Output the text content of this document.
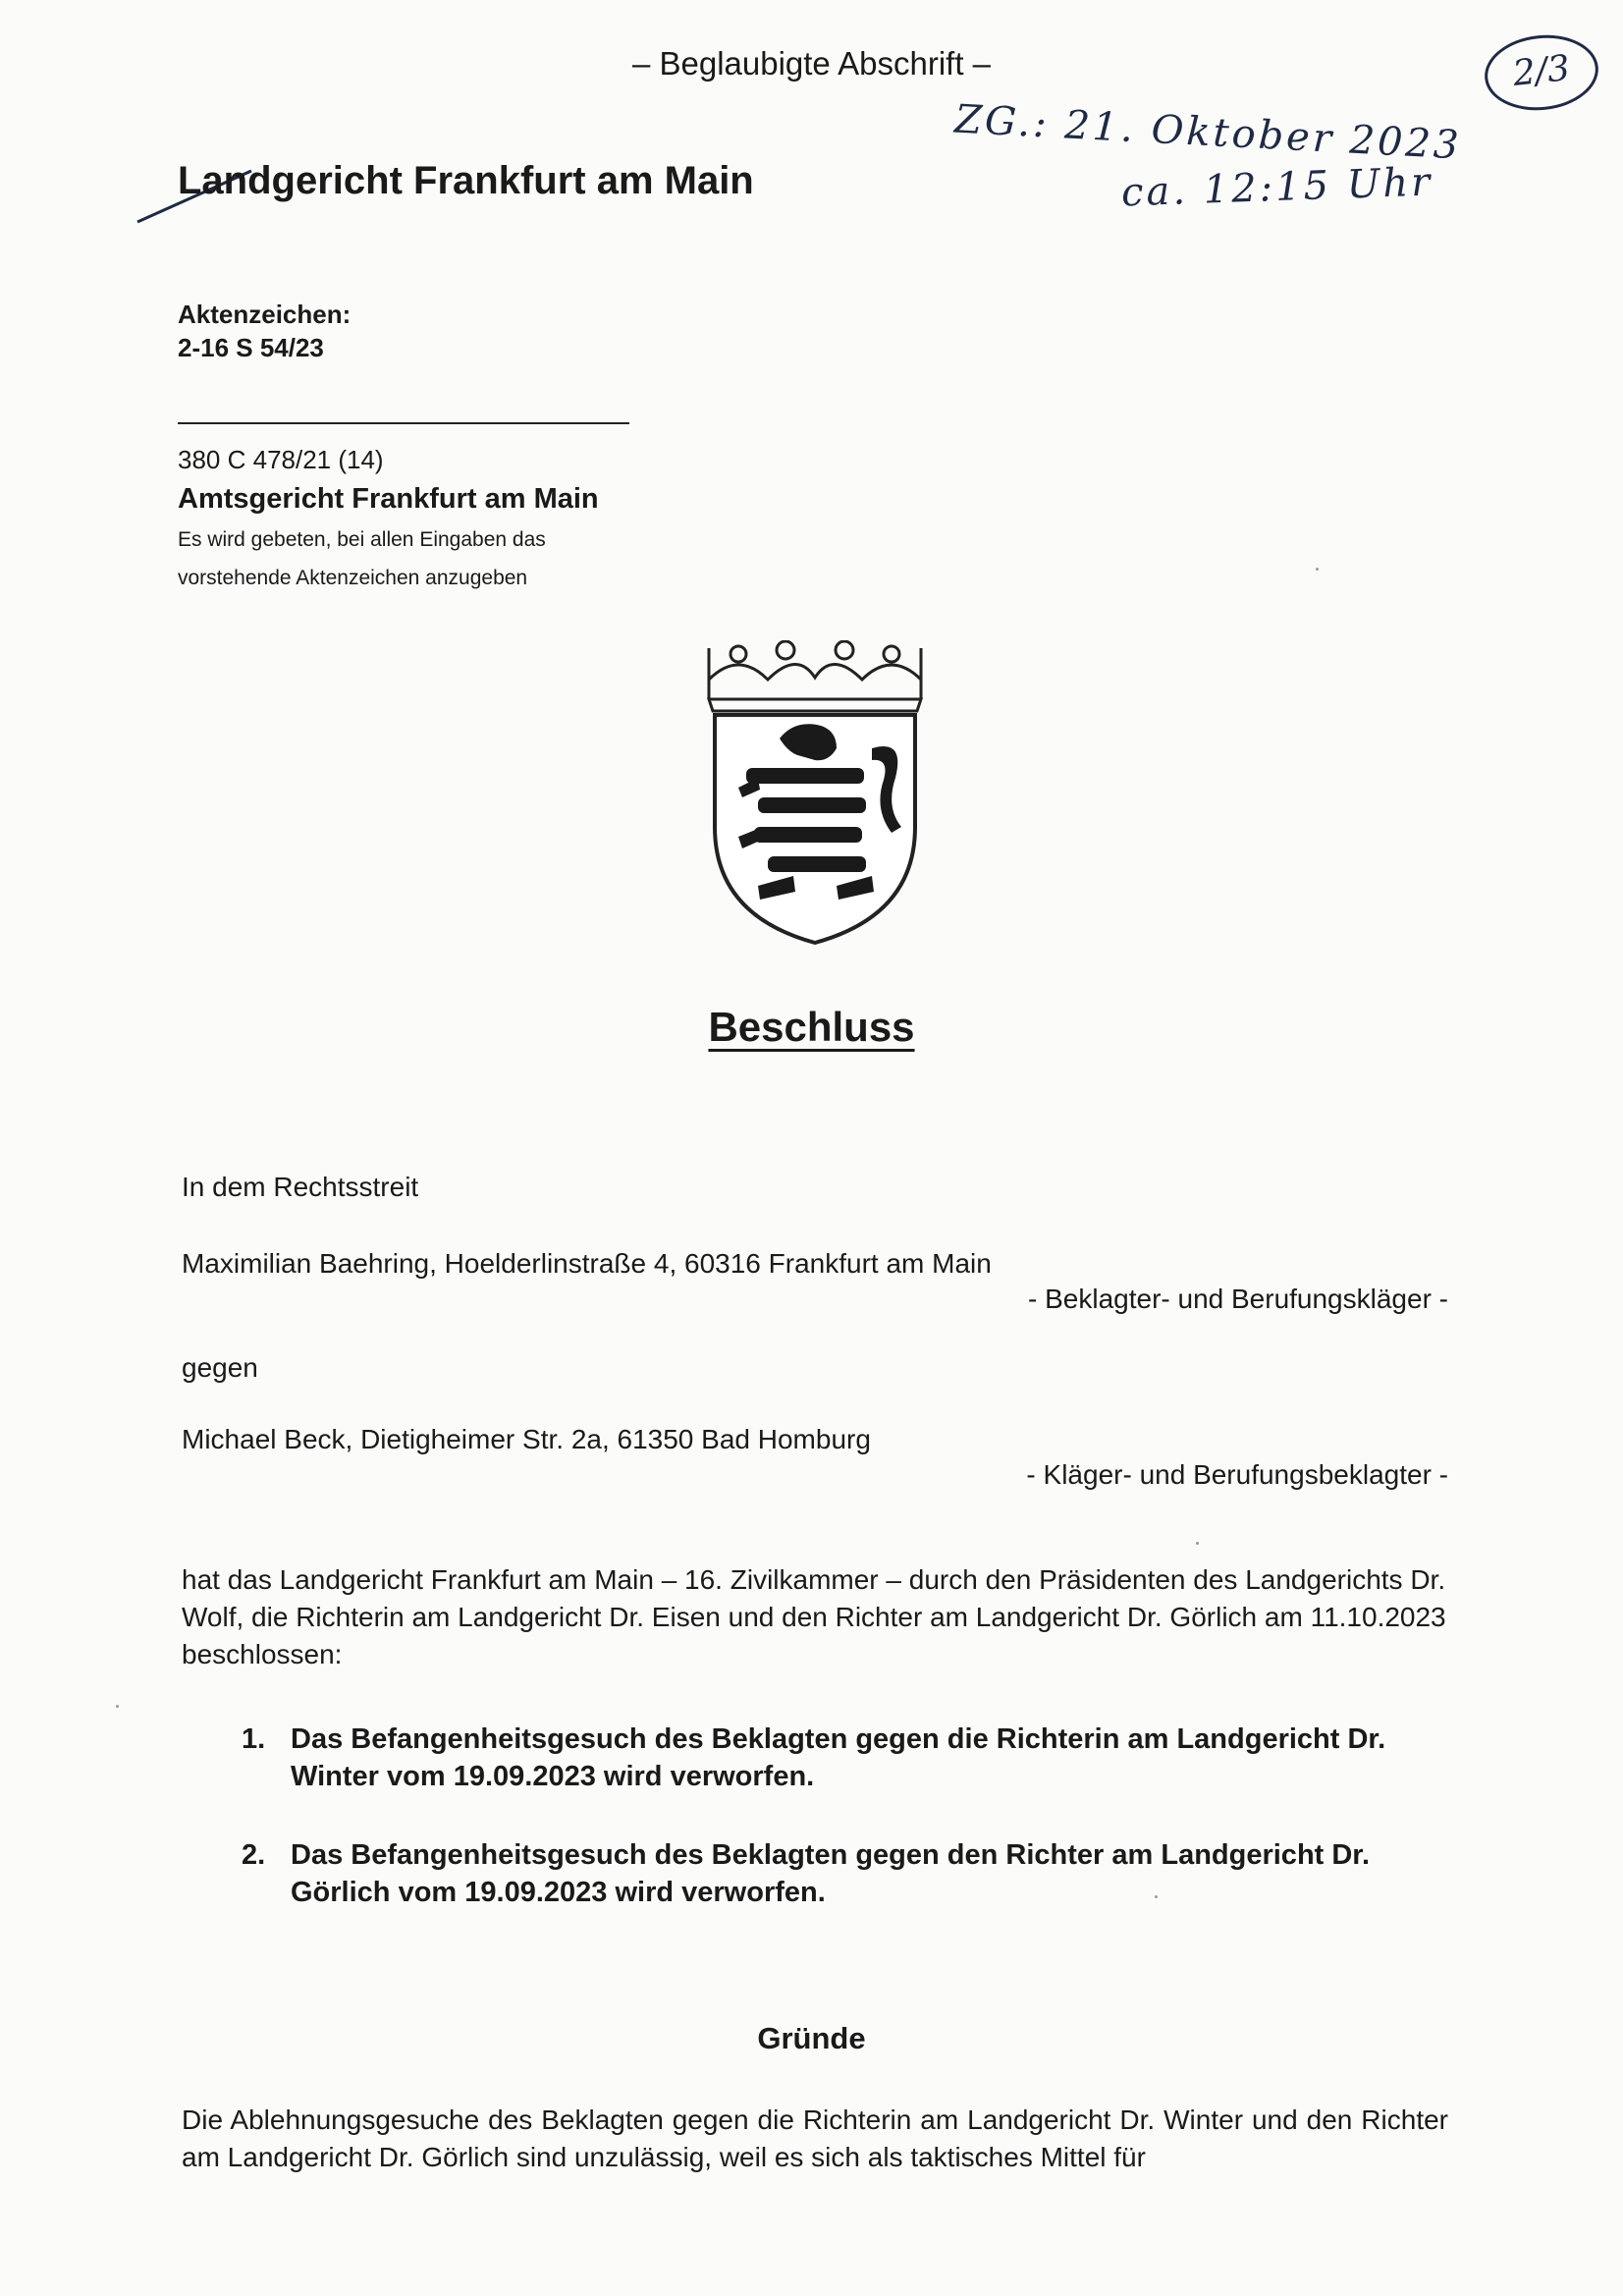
– Beglaubigte Abschrift –	2/3
ZG.: 21. Oktober 2023
ca. 12:15 Uhr
Landgericht Frankfurt am Main
Aktenzeichen:
2-16 S 54/23
380 C 478/21 (14)
Amtsgericht Frankfurt am Main
Es wird gebeten, bei allen Eingaben das
vorstehende Aktenzeichen anzugeben
Beschluss
In dem Rechtsstreit
Maximilian Baehring, Hoelderlinstraße 4, 60316 Frankfurt am Main
- Beklagter- und Berufungskläger -
gegen
Michael Beck, Dietigheimer Str. 2a, 61350 Bad Homburg
- Kläger- und Berufungsbeklagter -
hat das Landgericht Frankfurt am Main – 16. Zivilkammer – durch den Präsidenten des Landgerichts Dr. Wolf, die Richterin am Landgericht Dr. Eisen und den Richter am Landgericht Dr. Görlich am 11.10.2023 beschlossen:
1. Das Befangenheitsgesuch des Beklagten gegen die Richterin am Landgericht Dr. Winter vom 19.09.2023 wird verworfen.
2. Das Befangenheitsgesuch des Beklagten gegen den Richter am Landgericht Dr. Görlich vom 19.09.2023 wird verworfen.
Gründe
Die Ablehnungsgesuche des Beklagten gegen die Richterin am Landgericht Dr. Winter und den Richter am Landgericht Dr. Görlich sind unzulässig, weil es sich als taktisches Mittel für
